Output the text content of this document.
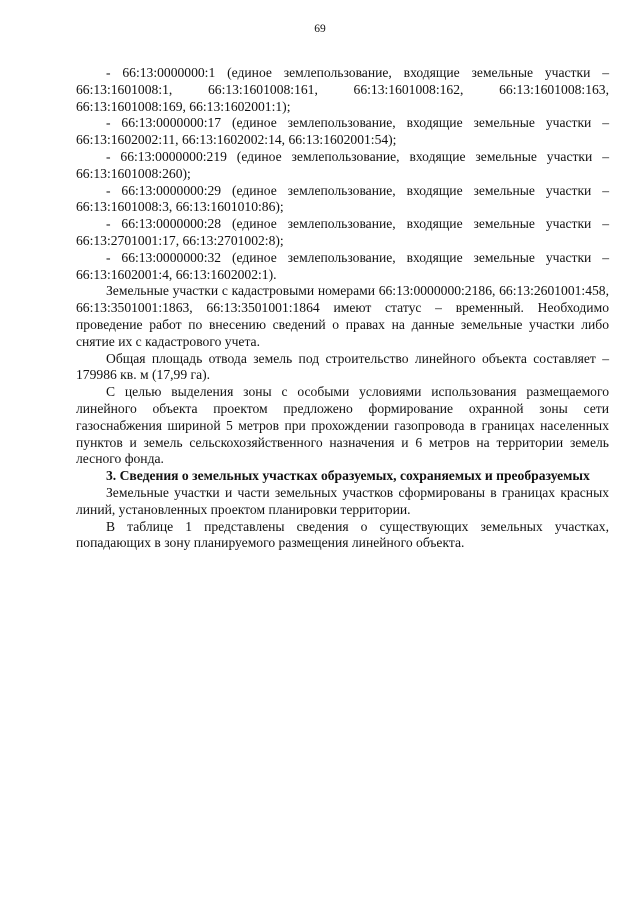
69

- 66:13:0000000:1 (единое землепользование, входящие земельные участки – 66:13:1601008:1, 66:13:1601008:161, 66:13:1601008:162, 66:13:1601008:163, 66:13:1601008:169, 66:13:1602001:1);

- 66:13:0000000:17 (единое землепользование, входящие земельные участки – 66:13:1602002:11, 66:13:1602002:14, 66:13:1602001:54);

- 66:13:0000000:219 (единое землепользование, входящие земельные участки – 66:13:1601008:260);

- 66:13:0000000:29 (единое землепользование, входящие земельные участки – 66:13:1601008:3, 66:13:1601010:86);

- 66:13:0000000:28 (единое землепользование, входящие земельные участки – 66:13:2701001:17, 66:13:2701002:8);

- 66:13:0000000:32 (единое землепользование, входящие земельные участки – 66:13:1602001:4, 66:13:1602002:1).

Земельные участки с кадастровыми номерами 66:13:0000000:2186, 66:13:2601001:458, 66:13:3501001:1863, 66:13:3501001:1864 имеют статус – временный. Необходимо проведение работ по внесению сведений о правах на данные земельные участки либо снятие их с кадастрового учета.

Общая площадь отвода земель под строительство линейного объекта составляет – 179986 кв. м (17,99 га).

С целью выделения зоны с особыми условиями использования размещаемого линейного объекта проектом предложено формирование охранной зоны сети газоснабжения шириной 5 метров при прохождении газопровода в границах населенных пунктов и земель сельскохозяйственного назначения и 6 метров на территории земель лесного фонда.

3. Сведения о земельных участках образуемых, сохраняемых и преобразуемых

Земельные участки и части земельных участков сформированы в границах красных линий, установленных проектом планировки территории.

В таблице 1 представлены сведения о существующих земельных участках, попадающих в зону планируемого размещения линейного объекта.
